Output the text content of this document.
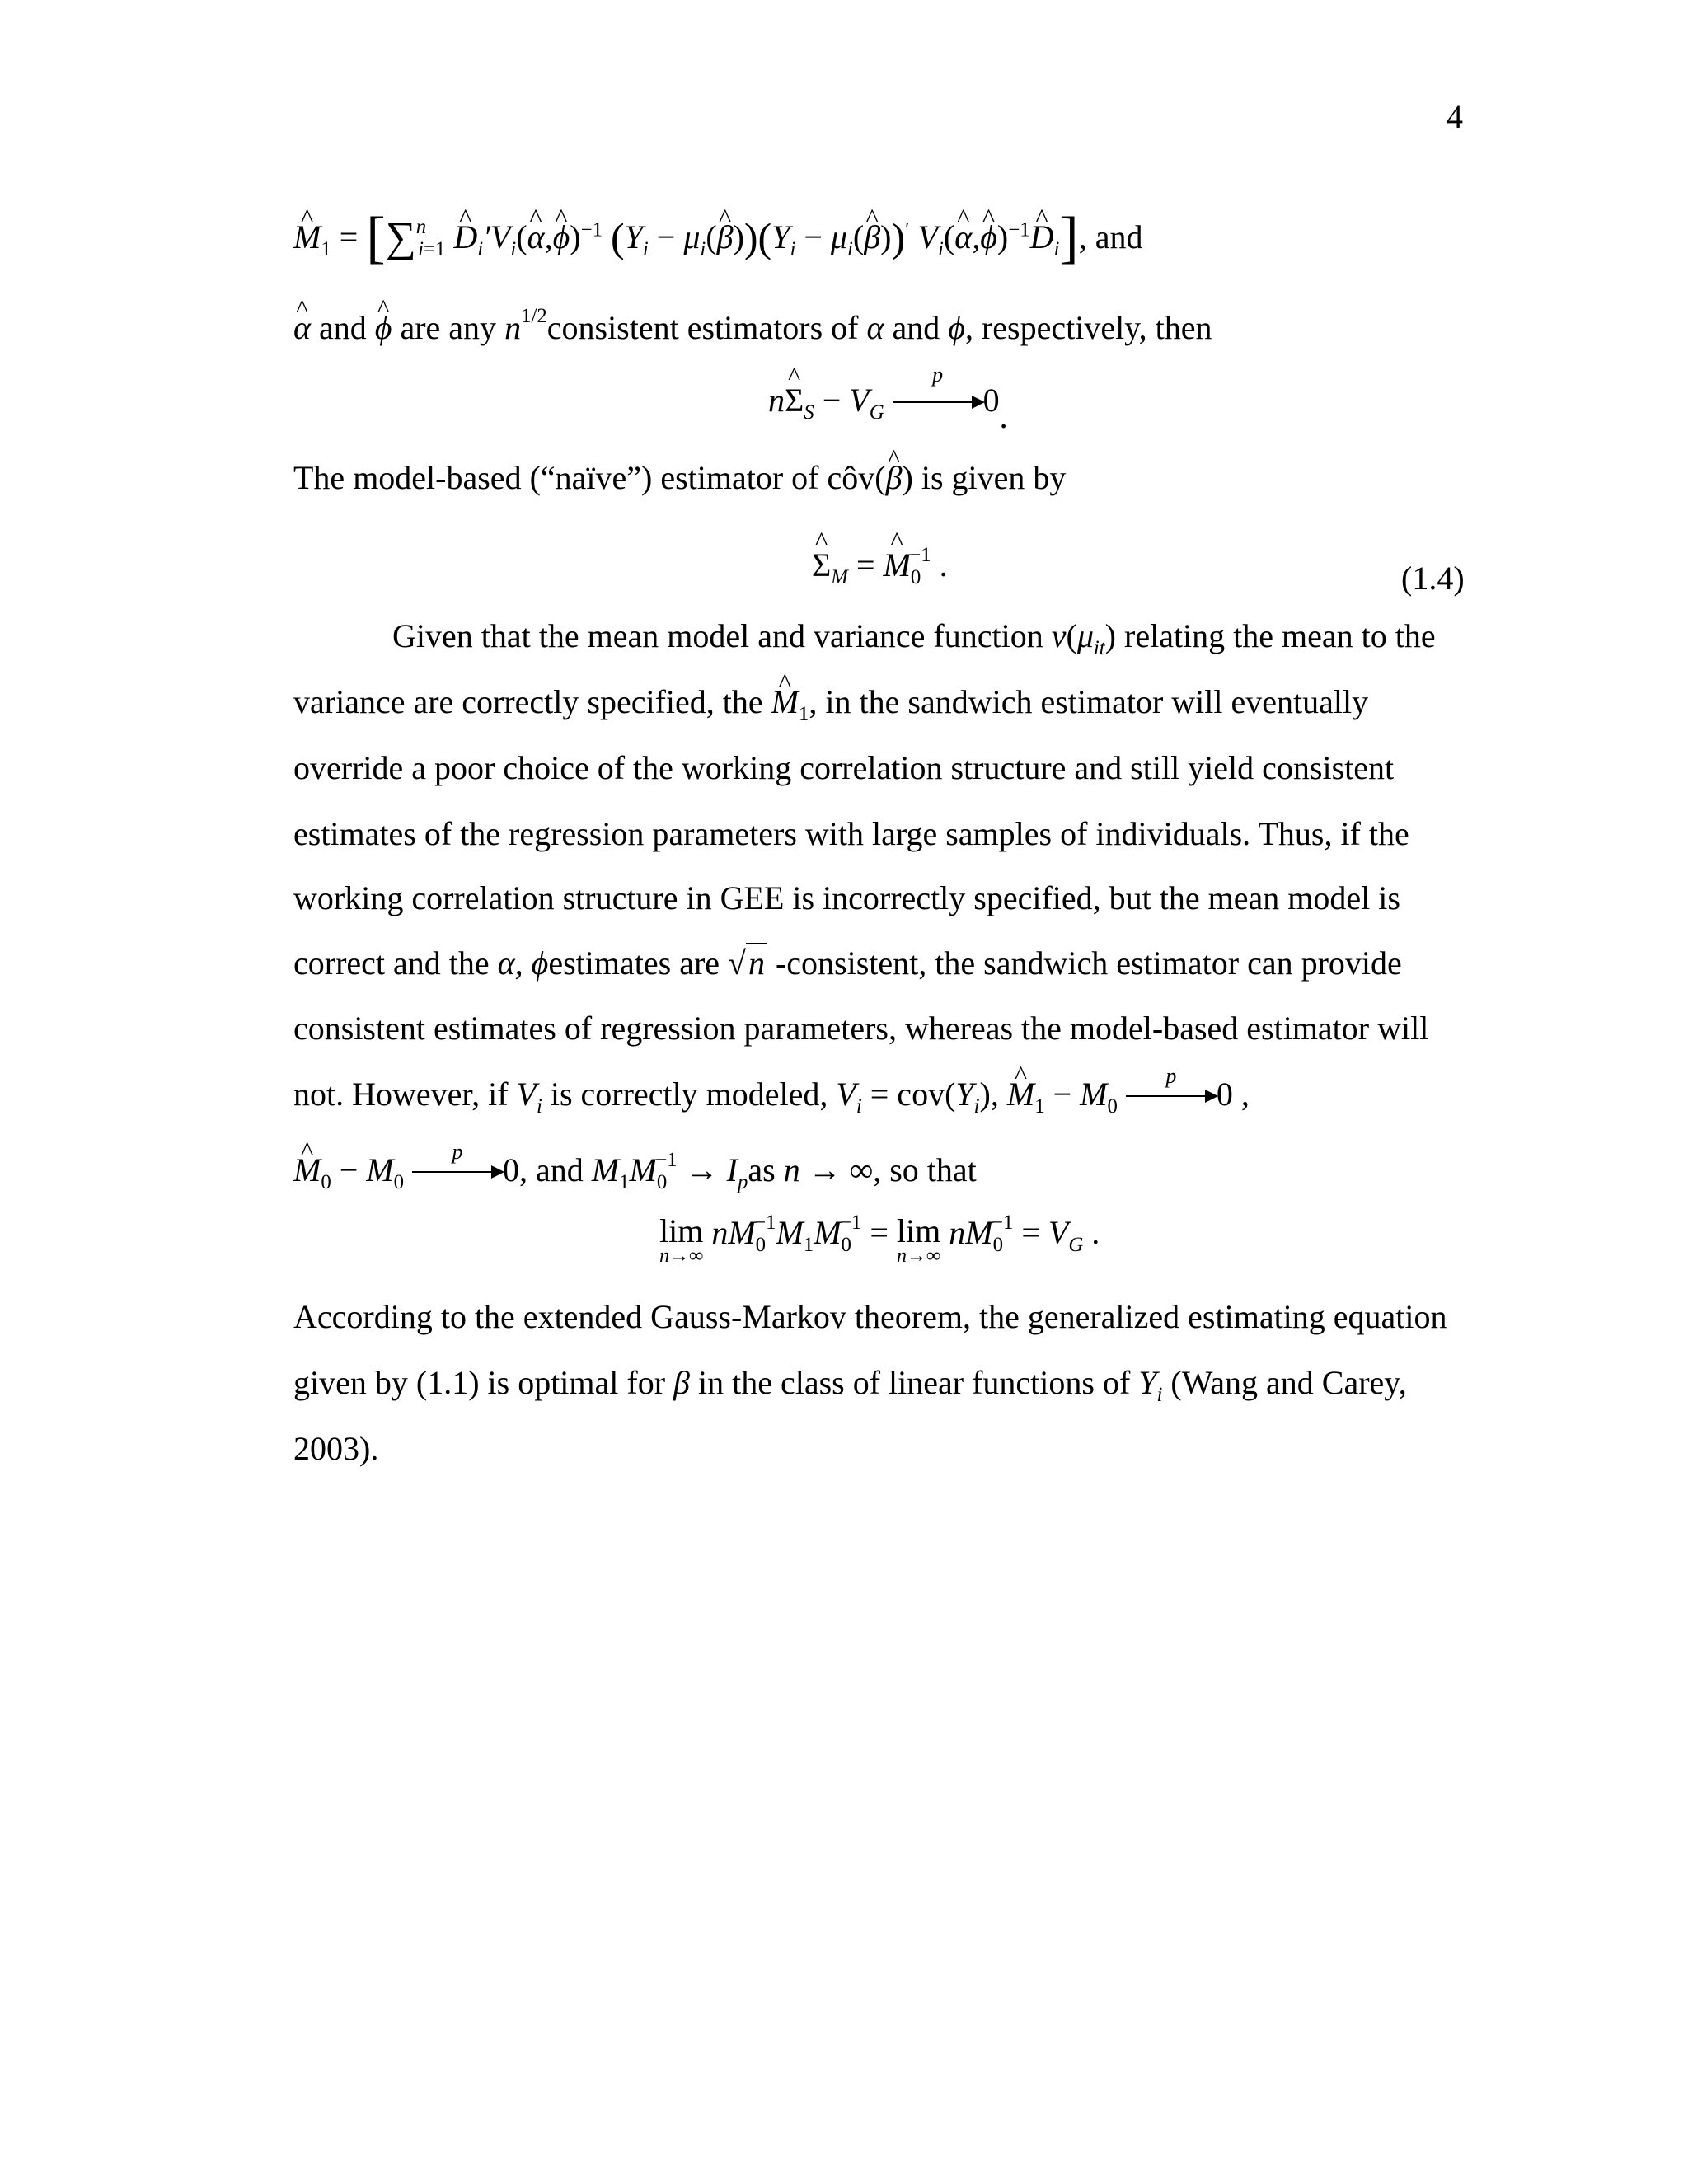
4
^ $M_1 = [\sum^n_{i=1}$ ^ $D_i'V_i(\^{}$ α,^ ϕ)$^{-1}$ ($Y_i$ − $\mu_i(\^{}$ $\beta))(Y_i$ − $\mu_i(\^{}$ β))′ $V_i(\^{}$ α,^ ϕ)$^{-1}$^ $D_i$], and
^ α and ^ ϕ are any $n^{1/2}consistent$ estimators of α and ϕ, respectively, then
n^ $\Sigma_S - V_G$
p
0.
The model-based (“naïve”) estimator of côv(^ β) is given by
^ $\Sigma_M$ = ^ $M_0^{-1}$ .	(1.4)
Given that the mean model and variance function $v(\mu_{it})$ relating the mean to the
variance are correctly specified, the ^ $M_1$, in the sandwich estimator will eventually
override a poor choice of the working correlation structure and still yield consistent
estimates of the regression parameters with large samples of individuals. Thus, if the
working correlation structure in GEE is incorrectly specified, but the mean model is
correct and the α, ϕestimates are √n -consistent, the sandwich estimator can provide
consistent estimates of regression parameters, whereas the model-based estimator will
not. However, if $V_i$ is correctly modeled, $V_i = cov(Y_i)$, ^ $M_1 - M_0$
p	0 ,
^ $M_0 - M_0$
p	0, and $M_1M_0^{-1} \to I_pas$ n → ∞, so that
lim
n→∞
$nM_0^{-1}M_1M_0^{-1} = \lim$
n→∞
$nM_0^{-1} = V_G$ .
According to the extended Gauss-Markov theorem, the generalized estimating equation
given by (1.1) is optimal for β in the class of linear functions of $Y_i$ (Wang and Carey,
2003).
